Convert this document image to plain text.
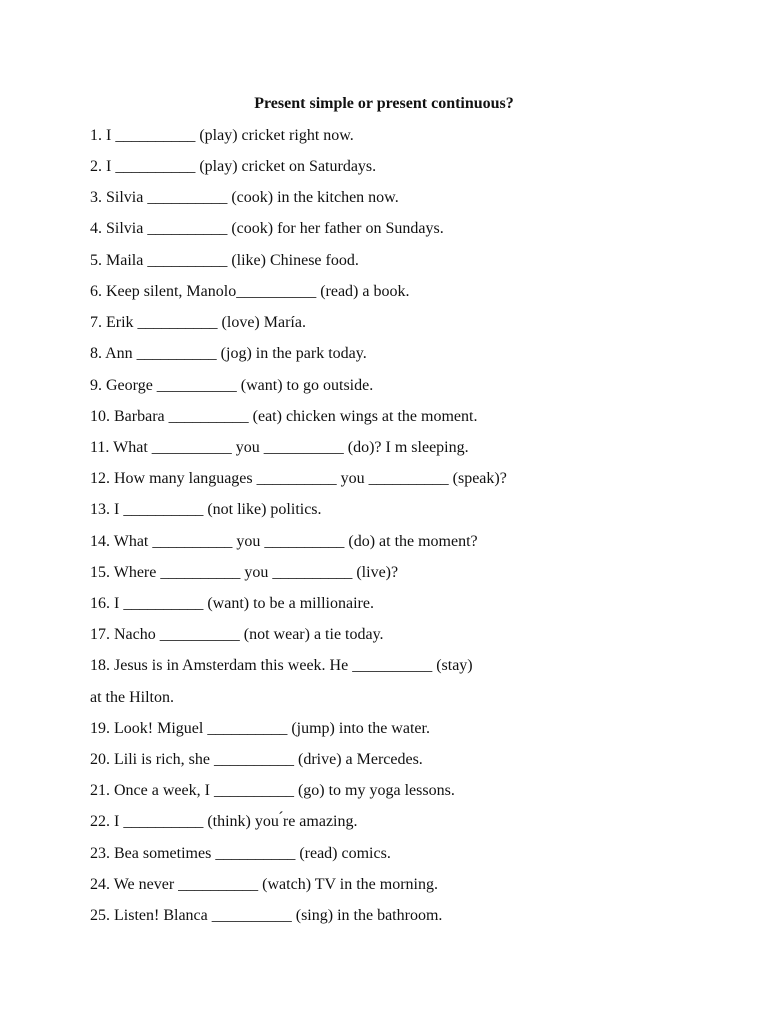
Present simple or present continuous?
1. I __________ (play) cricket right now.
2. I __________ (play) cricket on Saturdays.
3. Silvia __________ (cook) in the kitchen now.
4. Silvia __________ (cook) for her father on Sundays.
5. Maila __________ (like) Chinese food.
6. Keep silent, Manolo__________ (read) a book.
7. Erik __________ (love) María.
8. Ann __________ (jog) in the park today.
9. George __________ (want) to go outside.
10. Barbara __________ (eat) chicken wings at the moment.
11. What __________ you __________ (do)? I m sleeping.
12. How many languages __________ you __________ (speak)?
13. I __________ (not like) politics.
14. What __________ you __________ (do) at the moment?
15. Where __________ you __________ (live)?
16. I __________ (want) to be a millionaire.
17. Nacho __________ (not wear) a tie today.
18. Jesus is in Amsterdam this week. He __________ (stay)
at the Hilton.
19. Look! Miguel __________ (jump) into the water.
20. Lili is rich, she __________ (drive) a Mercedes.
21. Once a week, I __________ (go) to my yoga lessons.
22. I __________ (think) you ́re amazing.
23. Bea sometimes __________ (read) comics.
24. We never __________ (watch) TV in the morning.
25. Listen! Blanca __________ (sing) in the bathroom.
